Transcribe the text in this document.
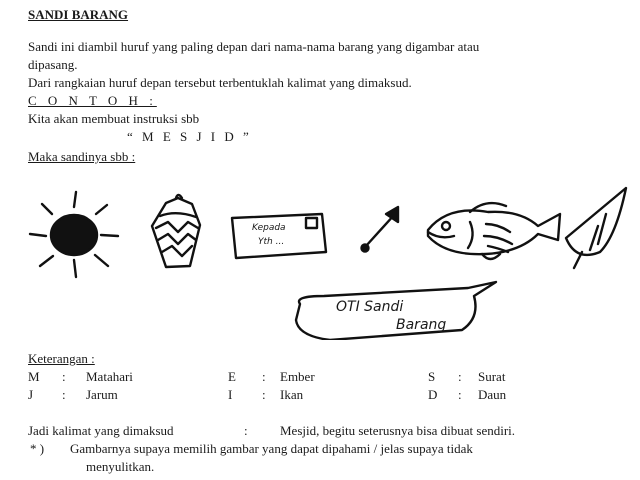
SANDI BARANG
Sandi ini diambil huruf yang paling depan dari nama-nama barang yang digambar atau
dipasang.
Dari rangkaian huruf depan tersebut terbentuklah kalimat yang dimaksud.
C O N T O H :
Kita akan membuat instruksi sbb
“ M E S J I D ”
Maka sandinya sbb :
Kepada
Yth ...
OTI Sandi
Barang
Keterangan :
M : Matahari	E : Ember	S : Surat
J : Jarum	I : Ikan	D : Daun
Jadi kalimat yang dimaksud	: Mesjid, begitu seterusnya bisa dibuat sendiri.
* ) Gambarnya supaya memilih gambar yang dapat dipahami / jelas supaya tidak
menyulitkan.
